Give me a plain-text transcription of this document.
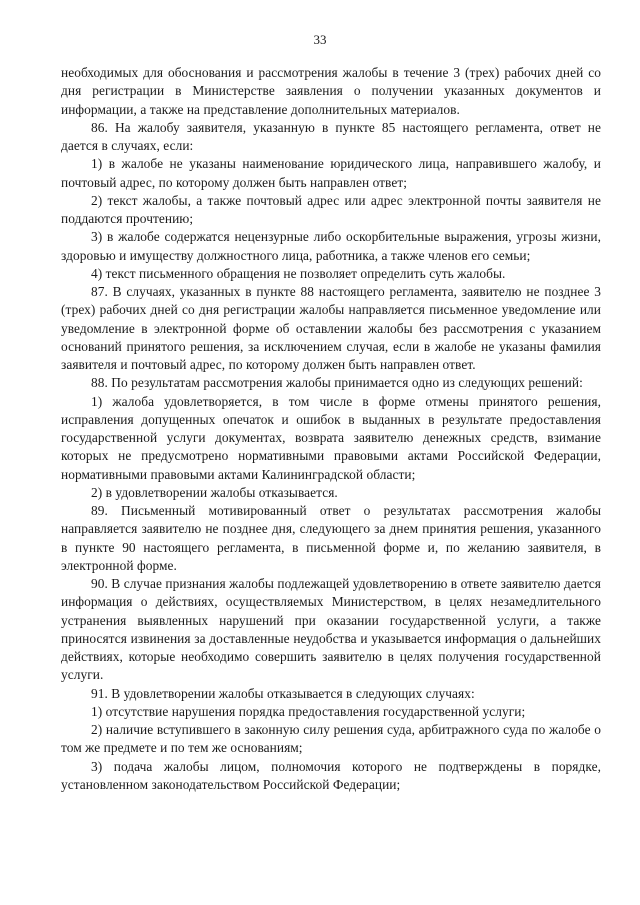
33

необходимых для обоснования и рассмотрения жалобы в течение 3 (трех) рабочих дней со дня регистрации в Министерстве заявления о получении указанных документов и информации, а также на представление дополнительных материалов.

86. На жалобу заявителя, указанную в пункте 85 настоящего регламента, ответ не дается в случаях, если:

1) в жалобе не указаны наименование юридического лица, направившего жалобу, и почтовый адрес, по которому должен быть направлен ответ;

2) текст жалобы, а также почтовый адрес или адрес электронной почты заявителя не поддаются прочтению;

3) в жалобе содержатся нецензурные либо оскорбительные выражения, угрозы жизни, здоровью и имуществу должностного лица, работника, а также членов его семьи;

4) текст письменного обращения не позволяет определить суть жалобы.

87. В случаях, указанных в пункте 88 настоящего регламента, заявителю не позднее 3 (трех) рабочих дней со дня регистрации жалобы направляется письменное уведомление или уведомление в электронной форме об оставлении жалобы без рассмотрения с указанием оснований принятого решения, за исключением случая, если в жалобе не указаны фамилия заявителя и почтовый адрес, по которому должен быть направлен ответ.

88. По результатам рассмотрения жалобы принимается одно из следующих решений:

1) жалоба удовлетворяется, в том числе в форме отмены принятого решения, исправления допущенных опечаток и ошибок в выданных в результате предоставления государственной услуги документах, возврата заявителю денежных средств, взимание которых не предусмотрено нормативными правовыми актами Российской Федерации, нормативными правовыми актами Калининградской области;

2) в удовлетворении жалобы отказывается.

89. Письменный мотивированный ответ о результатах рассмотрения жалобы направляется заявителю не позднее дня, следующего за днем принятия решения, указанного в пункте 90 настоящего регламента, в письменной форме и, по желанию заявителя, в электронной форме.

90. В случае признания жалобы подлежащей удовлетворению в ответе заявителю дается информация о действиях, осуществляемых Министерством, в целях незамедлительного устранения выявленных нарушений при оказании государственной услуги, а также приносятся извинения за доставленные неудобства и указывается информация о дальнейших действиях, которые необходимо совершить заявителю в целях получения государственной услуги.

91. В удовлетворении жалобы отказывается в следующих случаях:

1) отсутствие нарушения порядка предоставления государственной услуги;

2) наличие вступившего в законную силу решения суда, арбитражного суда по жалобе о том же предмете и по тем же основаниям;

3) подача жалобы лицом, полномочия которого не подтверждены в порядке, установленном законодательством Российской Федерации;
